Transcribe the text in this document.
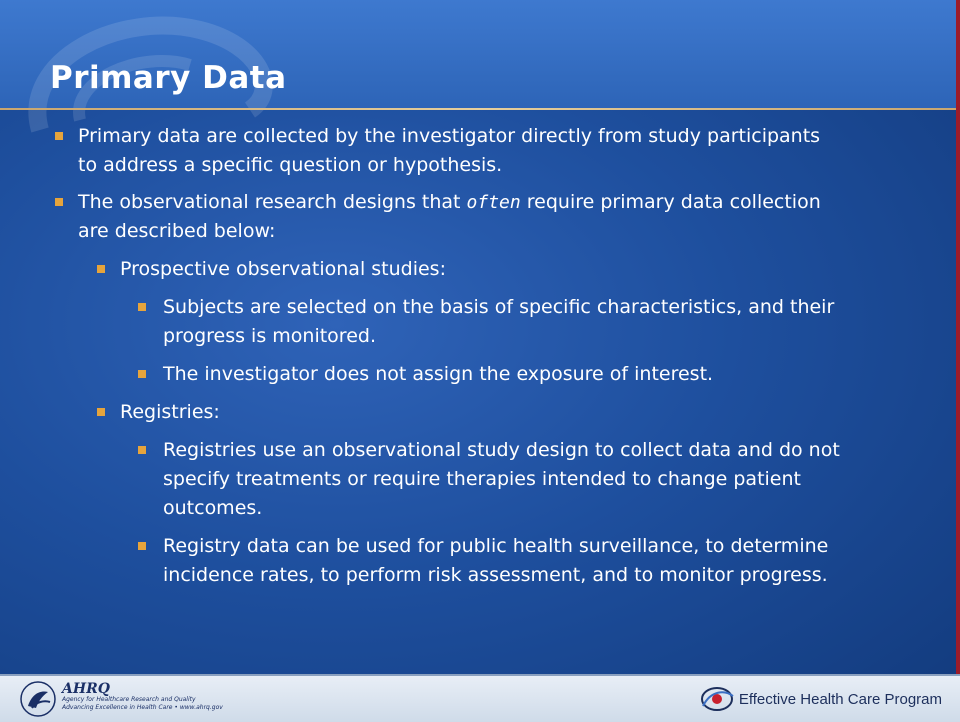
Primary Data
Primary data are collected by the investigator directly from study participants to address a specific question or hypothesis.
The observational research designs that often require primary data collection are described below:
Prospective observational studies:
Subjects are selected on the basis of specific characteristics, and their progress is monitored.
The investigator does not assign the exposure of interest.
Registries:
Registries use an observational study design to collect data and do not specify treatments or require therapies intended to change patient outcomes.
Registry data can be used for public health surveillance, to determine incidence rates, to perform risk assessment, and to monitor progress.
AHRQ
Agency for Healthcare Research and Quality
Advancing Excellence in Health Care • www.ahrq.gov	Effective Health Care Program
